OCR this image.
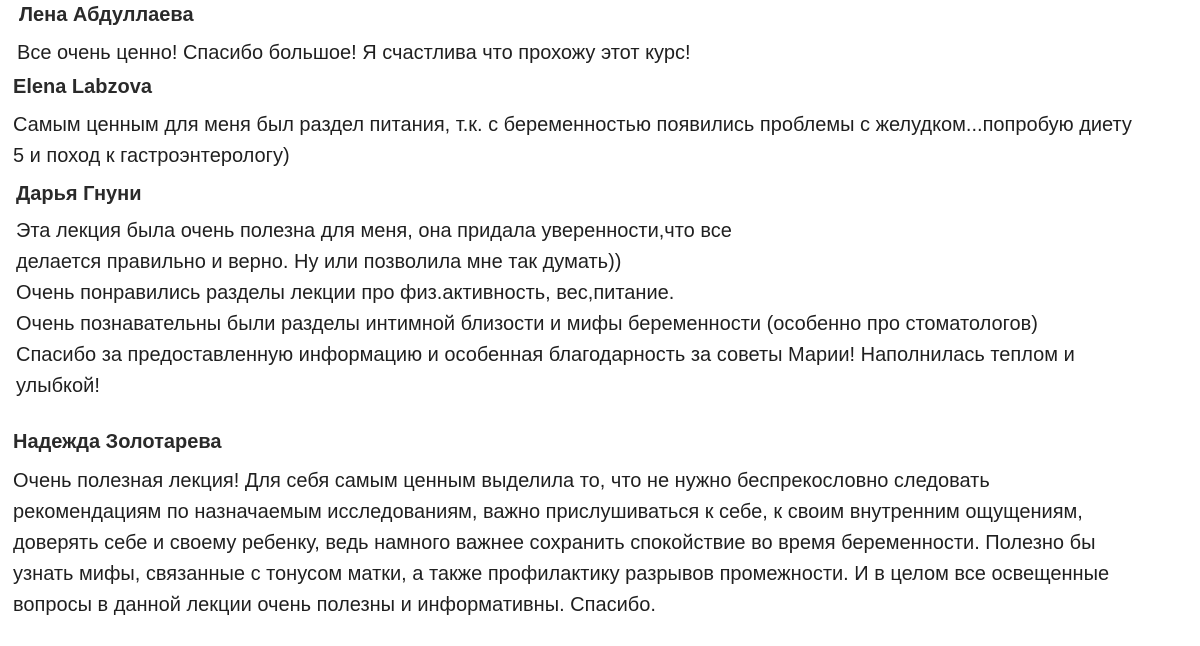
Лена Абдуллаева
Все очень ценно! Спасибо большое! Я счастлива что прохожу этот курс!
Elena Labzova
Самым ценным для меня был раздел питания, т.к. с беременностью появились проблемы с желудком...попробую диету
5 и поход к гастроэнтерологу)
Дарья Гнуни
Эта лекция была очень полезна для меня, она придала уверенности,что все
делается правильно и верно. Ну или позволила мне так думать))
Очень понравились разделы лекции про физ.активность, вес,питание.
Очень познавательны были разделы интимной близости и мифы беременности (особенно про стоматологов)
Спасибо за предоставленную информацию и особенная благодарность за советы Марии! Наполнилась теплом и
улыбкой!
Надежда Золотарева
Очень полезная лекция! Для себя самым ценным выделила то, что не нужно беспрекословно следовать
рекомендациям по назначаемым исследованиям, важно прислушиваться к себе, к своим внутренним ощущениям,
доверять себе и своему ребенку, ведь намного важнее сохранить спокойствие во время беременности. Полезно бы
узнать мифы, связанные с тонусом матки, а также профилактику разрывов промежности. И в целом все освещенные
вопросы в данной лекции очень полезны и информативны. Спасибо.
